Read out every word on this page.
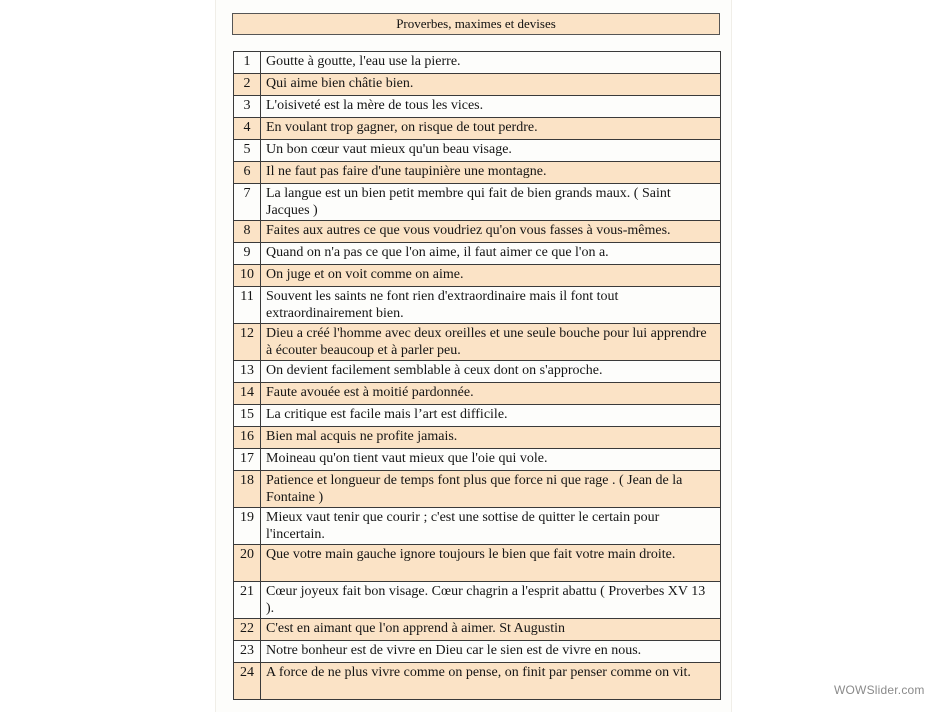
Proverbes, maximes et devises
1	Goutte à goutte, l'eau use la pierre.
2	Qui aime bien châtie bien.
3	L'oisiveté est la mère de tous les vices.
4	En voulant trop gagner, on risque de tout perdre.
5	Un bon cœur vaut mieux qu'un beau visage.
6	Il ne faut pas faire d'une taupinière une montagne.
7	La langue est un bien petit membre qui fait de bien grands maux. ( Saint Jacques )
8	Faites aux autres ce que vous voudriez qu'on vous fasses à vous-mêmes.
9	Quand on n'a pas ce que l'on aime, il faut aimer ce que l'on a.
10	On juge et on voit comme on aime.
11	Souvent les saints ne font rien d'extraordinaire mais il font tout extraordinairement bien.
12	Dieu a créé l'homme avec deux oreilles et une seule bouche pour lui apprendre à écouter beaucoup et à parler peu.
13	On devient facilement semblable à ceux dont on s'approche.
14	Faute avouée est à moitié pardonnée.
15	La critique est facile mais l’art est difficile.
16	Bien mal acquis ne profite jamais.
17	Moineau qu'on tient vaut mieux que l'oie qui vole.
18	Patience et longueur de temps font plus que force ni que rage . ( Jean de la Fontaine )
19	Mieux vaut tenir que courir ; c'est une sottise de quitter le certain pour l'incertain.
20	Que votre main gauche ignore toujours le bien que fait votre main droite.
21	Cœur joyeux fait bon visage. Cœur chagrin a l'esprit abattu ( Proverbes XV 13 ).
22	C'est en aimant que l'on apprend à aimer. St Augustin
23	Notre bonheur est de vivre en Dieu car le sien est de vivre en nous.
24	A force de ne plus vivre comme on pense, on finit par penser comme on vit.
WOWSlider.com
